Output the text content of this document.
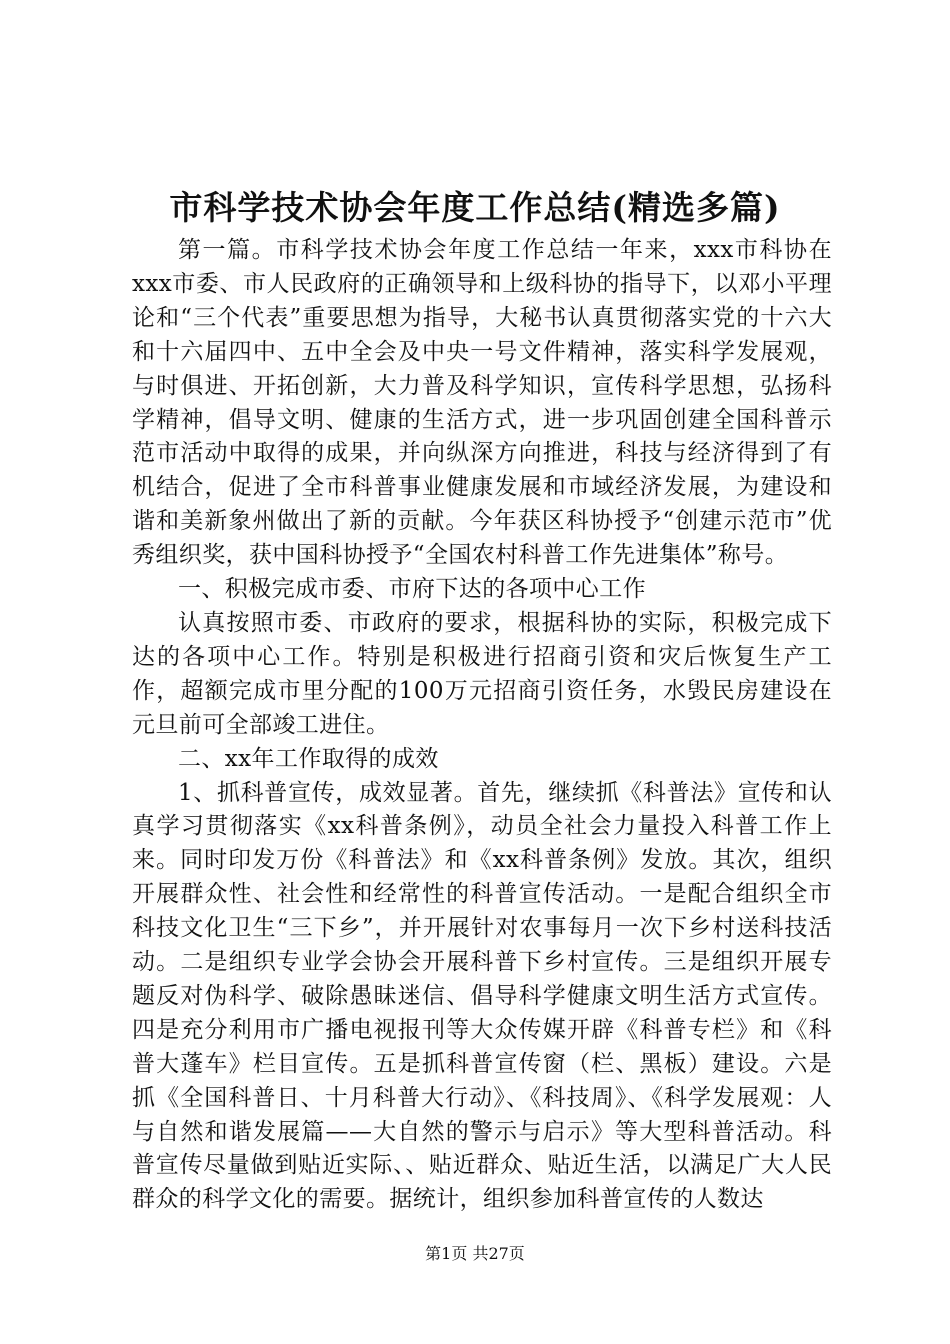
市科学技术协会年度工作总结(精选多篇)

第一篇。市科学技术协会年度工作总结一年来，xxx市科协在xxx市委、市人民政府的正确领导和上级科协的指导下，以邓小平理论和“三个代表”重要思想为指导，大秘书认真贯彻落实党的十六大和十六届四中、五中全会及中央一号文件精神，落实科学发展观，与时俱进、开拓创新，大力普及科学知识，宣传科学思想，弘扬科学精神，倡导文明、健康的生活方式，进一步巩固创建全国科普示范市活动中取得的成果，并向纵深方向推进，科技与经济得到了有机结合，促进了全市科普事业健康发展和市域经济发展，为建设和谐和美新象州做出了新的贡献。今年获区科协授予“创建示范市”优秀组织奖，获中国科协授予“全国农村科普工作先进集体”称号。

一、积极完成市委、市府下达的各项中心工作

认真按照市委、市政府的要求，根据科协的实际，积极完成下达的各项中心工作。特别是积极进行招商引资和灾后恢复生产工作，超额完成市里分配的100万元招商引资任务，水毁民房建设在元旦前可全部竣工进住。

二、xx年工作取得的成效

1、抓科普宣传，成效显著。首先，继续抓《科普法》宣传和认真学习贯彻落实《xx科普条例》，动员全社会力量投入科普工作上来。同时印发万份《科普法》和《xx科普条例》发放。其次，组织开展群众性、社会性和经常性的科普宣传活动。一是配合组织全市科技文化卫生“三下乡”，并开展针对农事每月一次下乡村送科技活动。二是组织专业学会协会开展科普下乡村宣传。三是组织开展专题反对伪科学、破除愚昧迷信、倡导科学健康文明生活方式宣传。四是充分利用市广播电视报刊等大众传媒开辟《科普专栏》和《科普大蓬车》栏目宣传。五是抓科普宣传窗（栏、黑板）建设。六是抓《全国科普日、十月科普大行动》、《科技周》、《科学发展观：人与自然和谐发展篇——大自然的警示与启示》等大型科普活动。科普宣传尽量做到贴近实际、、贴近群众、贴近生活，以满足广大人民群众的科学文化的需要。据统计，组织参加科普宣传的人数达

第1页 共27页
